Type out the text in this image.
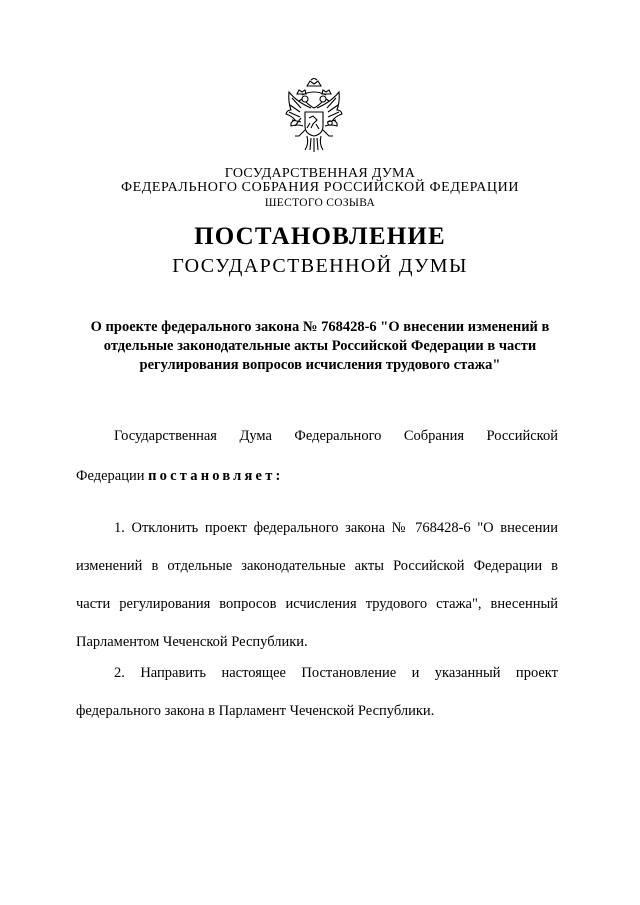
ГОСУДАРСТВЕННАЯ ДУМА
ФЕДЕРАЛЬНОГО СОБРАНИЯ РОССИЙСКОЙ ФЕДЕРАЦИИ
ШЕСТОГО СОЗЫВА
ПОСТАНОВЛЕНИЕ
ГОСУДАРСТВЕННОЙ ДУМЫ
О проекте федерального закона № 768428-6 "О внесении изменений в
отдельные законодательные акты Российской Федерации в части
регулирования вопросов исчисления трудового стажа"
Государственная Дума Федерального Собрания Российской
Федерации постановляет:
1. Отклонить проект федерального закона № 768428-6 "О внесении
изменений в отдельные законодательные акты Российской Федерации в
части регулирования вопросов исчисления трудового стажа", внесенный
Парламентом Чеченской Республики.
2. Направить настоящее Постановление и указанный проект
федерального закона в Парламент Чеченской Республики.
